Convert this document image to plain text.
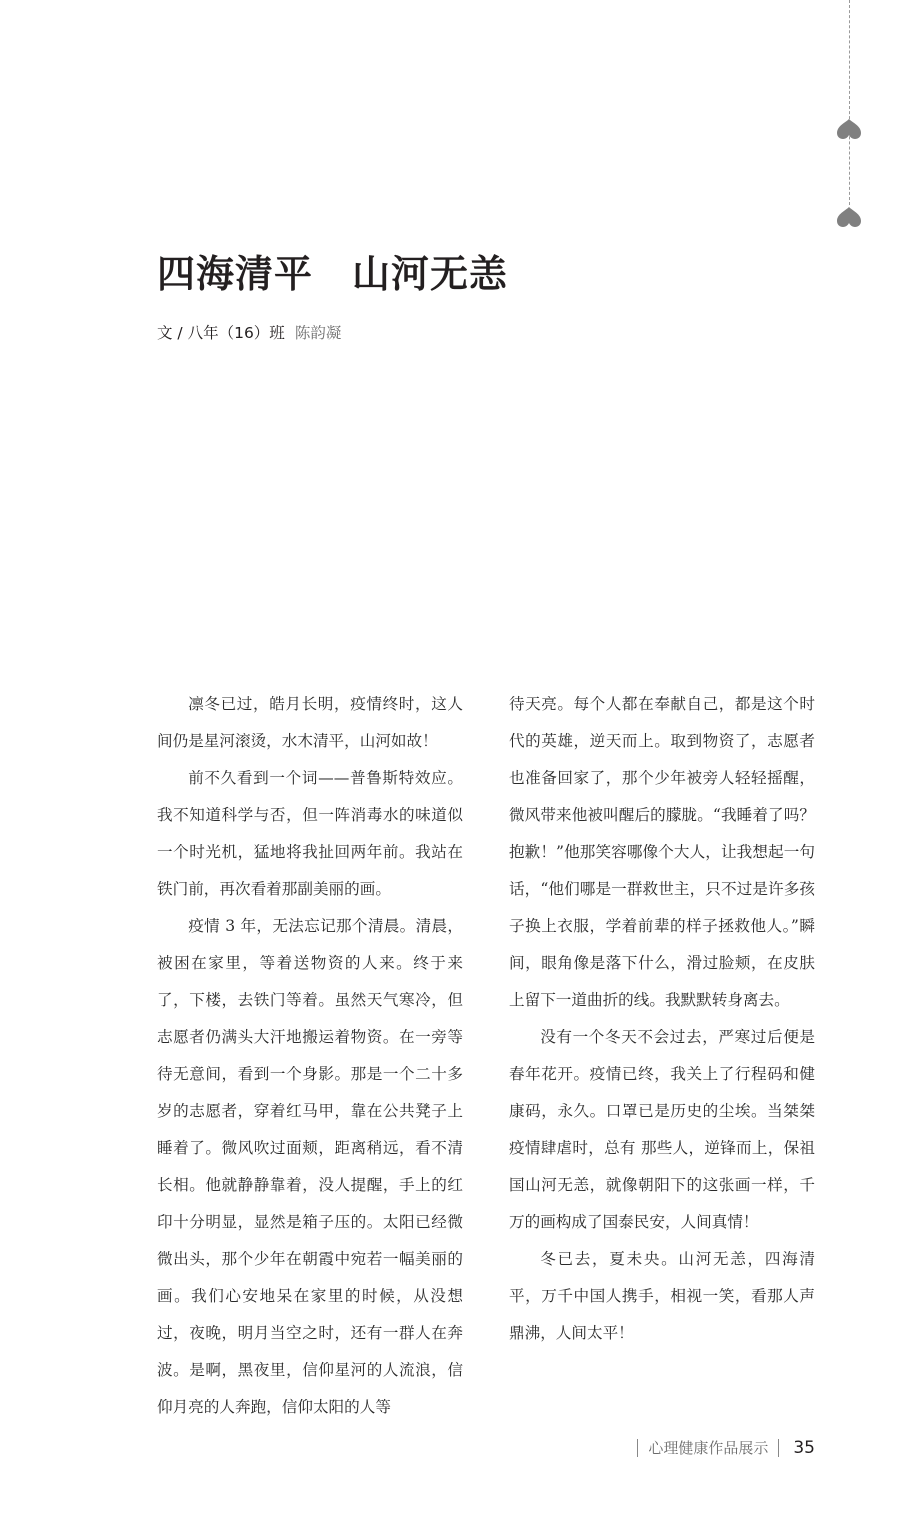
四海清平　山河无恙
文 / 八年（16）班 陈韵凝

凛冬已过，皓月长明，疫情终时，这人间仍是星河滚烫，水木清平，山河如故！

前不久看到一个词——普鲁斯特效应。我不知道科学与否，但一阵消毒水的味道似一个时光机，猛地将我扯回两年前。我站在铁门前，再次看着那副美丽的画。

疫情 3 年，无法忘记那个清晨。清晨，被困在家里，等着送物资的人来。终于来了，下楼，去铁门等着。虽然天气寒冷，但志愿者仍满头大汗地搬运着物资。在一旁等待无意间，看到一个身影。那是一个二十多岁的志愿者，穿着红马甲，靠在公共凳子上睡着了。微风吹过面颊，距离稍远，看不清长相。他就静静靠着，没人提醒，手上的红印十分明显，显然是箱子压的。太阳已经微微出头，那个少年在朝霞中宛若一幅美丽的画。我们心安地呆在家里的时候，从没想过，夜晚，明月当空之时，还有一群人在奔波。是啊，黑夜里，信仰星河的人流浪，信仰月亮的人奔跑，信仰太阳的人等

待天亮。每个人都在奉献自己，都是这个时代的英雄，逆天而上。取到物资了，志愿者也准备回家了，那个少年被旁人轻轻摇醒，微风带来他被叫醒后的朦胧。“我睡着了吗？抱歉！”他那笑容哪像个大人，让我想起一句话，“他们哪是一群救世主，只不过是许多孩子换上衣服，学着前辈的样子拯救他人。”瞬间，眼角像是落下什么，滑过脸颊，在皮肤上留下一道曲折的线。我默默转身离去。

没有一个冬天不会过去，严寒过后便是春年花开。疫情已终，我关上了行程码和健康码，永久。口罩已是历史的尘埃。当桀桀疫情肆虐时，总有 那些人，逆锋而上，保祖国山河无恙，就像朝阳下的这张画一样，千万的画构成了国泰民安，人间真情！

冬已去，夏未央。山河无恙，四海清平，万千中国人携手，相视一笑，看那人声鼎沸，人间太平！

心理健康作品展示 35
